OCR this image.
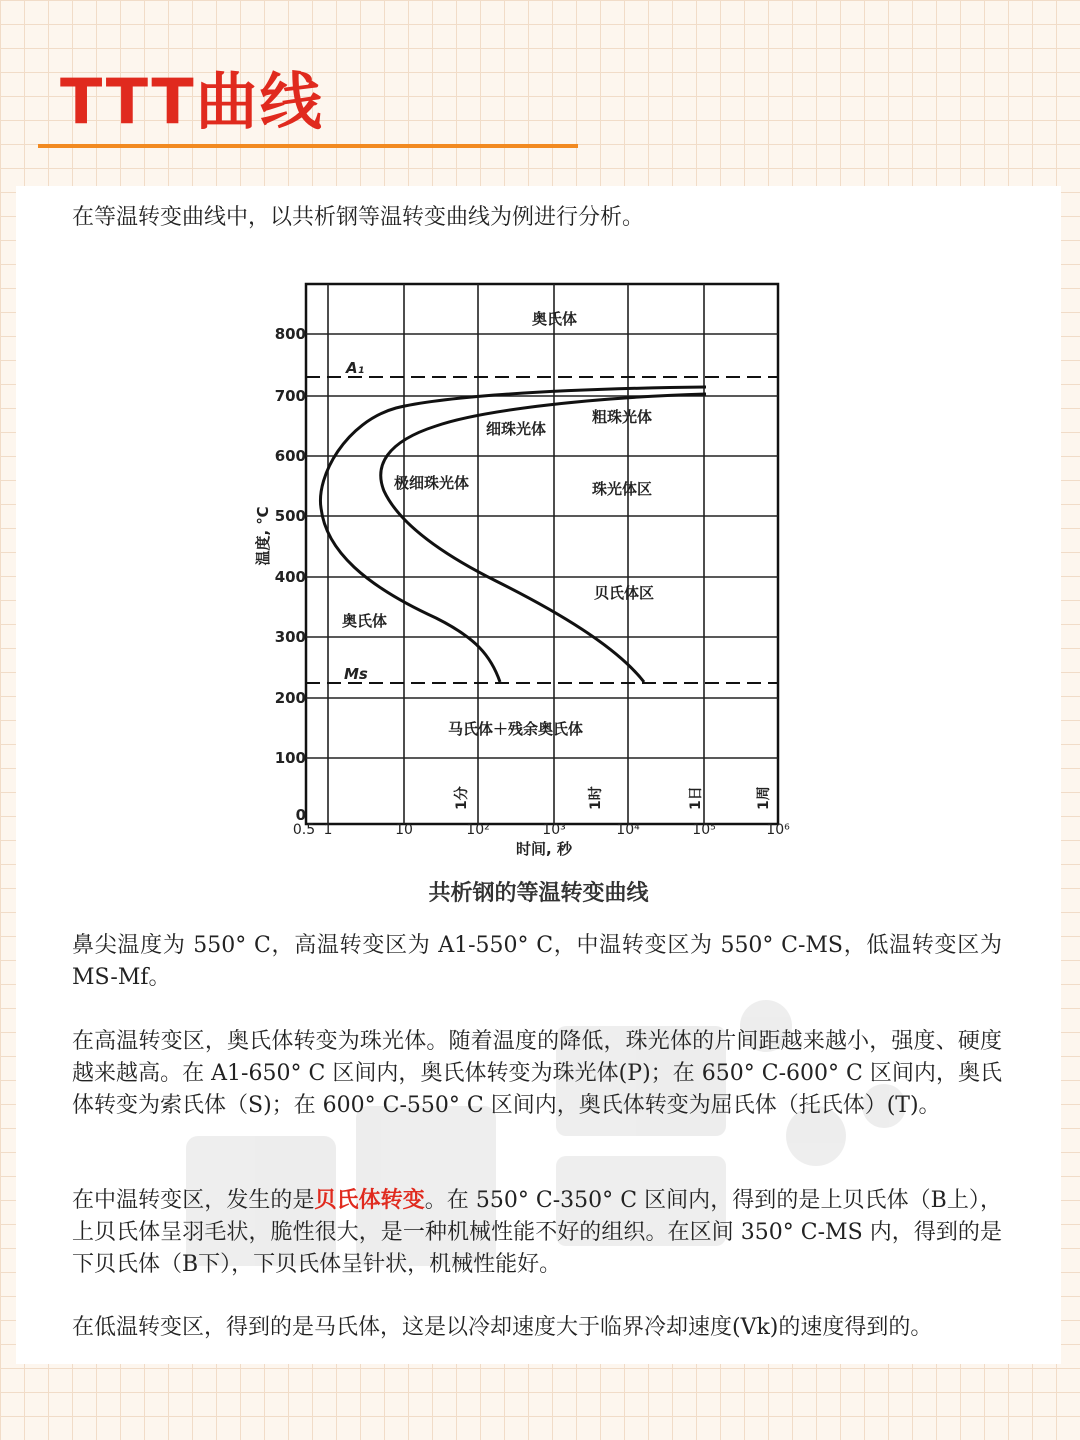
TTT曲线
在等温转变曲线中，以共析钢等温转变曲线为例进行分析。
800
700
600
500
400
300
200
100
0
0.5 1	10	10²	10³	10⁴	10⁵	10⁶
时间, 秒
温度, ℃
1分	1时	1日	1周
A₁
Ms
奥氏体
粗珠光体
细珠光体
极细珠光体	珠光体区
贝氏体区
奥氏体
马氏体＋残余奥氏体
共析钢的等温转变曲线
鼻尖温度为 550° C，高温转变区为 A1-550° C，中温转变区为 550° C-MS，低温转变区为 MS-Mf。
在高温转变区，奥氏体转变为珠光体。随着温度的降低，珠光体的片间距越来越小，强度、硬度越来越高。在 A1-650° C 区间内，奥氏体转变为珠光体(P)；在 650° C-600° C 区间内，奥氏体转变为索氏体（S)；在 600° C-550° C 区间内，奥氏体转变为屈氏体（托氏体）(T)。
在中温转变区，发生的是贝氏体转变。在 550° C-350° C 区间内，得到的是上贝氏体（B上），上贝氏体呈羽毛状，脆性很大，是一种机械性能不好的组织。在区间 350° C-MS 内，得到的是下贝氏体（B下），下贝氏体呈针状，机械性能好。
在低温转变区，得到的是马氏体，这是以冷却速度大于临界冷却速度(Vk)的速度得到的。
